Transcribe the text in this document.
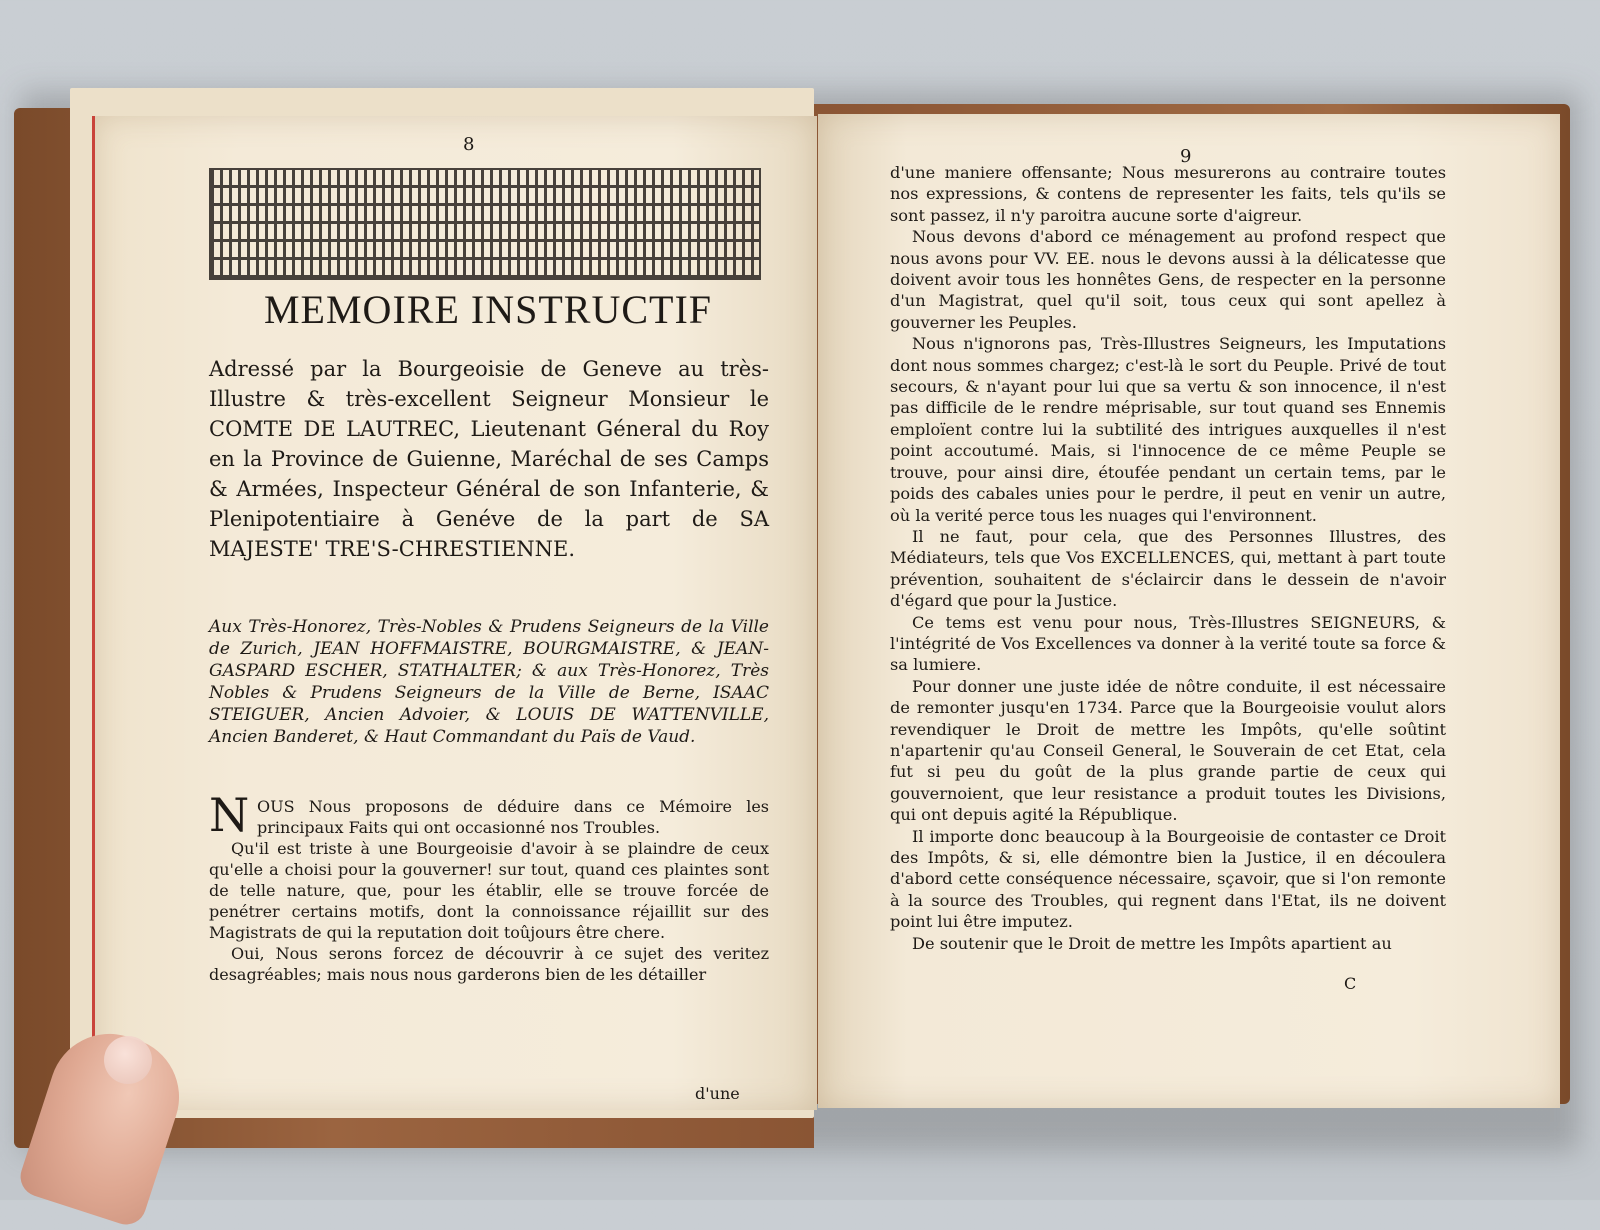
8
MEMOIRE INSTRUCTIF
Adressé par la Bourgeoisie de Geneve au très-Illustre & très-excellent Seigneur Monsieur le COMTE DE LAUTREC, Lieutenant Géneral du Roy en la Province de Guienne, Maréchal de ses Camps & Armées, Inspecteur Général de son Infanterie, & Plenipotentiaire à Genéve de la part de SA MAJESTE' TRE'S-CHRESTIENNE.
Aux Très-Honorez, Très-Nobles & Prudens Seigneurs de la Ville de Zurich, JEAN HOFFMAISTRE, BOURGMAISTRE, & JEAN-GASPARD ESCHER, STATHALTER; & aux Très-Honorez, Très Nobles & Prudens Seigneurs de la Ville de Berne, ISAAC STEIGUER, Ancien Advoier, & LOUIS DE WATTENVILLE, Ancien Banderet, & Haut Commandant du Païs de Vaud.
N OUS Nous proposons de déduire dans ce Mémoire les principaux Faits qui ont occasionné nos Troubles.

Qu'il est triste à une Bourgeoisie d'avoir à se plaindre de ceux qu'elle a choisi pour la gouverner! sur tout, quand ces plaintes sont de telle nature, que, pour les établir, elle se trouve forcée de penétrer certains motifs, dont la connoissance réjaillit sur des Magistrats de qui la reputation doit toûjours être chere.

Oui, Nous serons forcez de découvrir à ce sujet des veritez desagréables; mais nous nous garderons bien de les détailler

d'une
9

d'une maniere offensante; Nous mesurerons au contraire toutes nos expressions, & contens de representer les faits, tels qu'ils se sont passez, il n'y paroitra aucune sorte d'aigreur.

Nous devons d'abord ce ménagement au profond respect que nous avons pour VV. EE. nous le devons aussi à la délicatesse que doivent avoir tous les honnêtes Gens, de respecter en la personne d'un Magistrat, quel qu'il soit, tous ceux qui sont apellez à gouverner les Peuples.

Nous n'ignorons pas, Très-Illustres Seigneurs, les Imputations dont nous sommes chargez; c'est-là le sort du Peuple. Privé de tout secours, & n'ayant pour lui que sa vertu & son innocence, il n'est pas difficile de le rendre méprisable, sur tout quand ses Ennemis emploïent contre lui la subtilité des intrigues auxquelles il n'est point accoutumé. Mais, si l'innocence de ce même Peuple se trouve, pour ainsi dire, étoufée pendant un certain tems, par le poids des cabales unies pour le perdre, il peut en venir un autre, où la verité perce tous les nuages qui l'environnent.

Il ne faut, pour cela, que des Personnes Illustres, des Médiateurs, tels que Vos EXCELLENCES, qui, mettant à part toute prévention, souhaitent de s'éclaircir dans le dessein de n'avoir d'égard que pour la Justice.

Ce tems est venu pour nous, Très-Illustres SEIGNEURS, & l'intégrité de Vos Excellences va donner à la verité toute sa force & sa lumiere.

Pour donner une juste idée de nôtre conduite, il est nécessaire de remonter jusqu'en 1734. Parce que la Bourgeoisie voulut alors revendiquer le Droit de mettre les Impôts, qu'elle soûtint n'apartenir qu'au Conseil General, le Souverain de cet Etat, cela fut si peu du goût de la plus grande partie de ceux qui gouvernoient, que leur resistance a produit toutes les Divisions, qui ont depuis agité la République.

Il importe donc beaucoup à la Bourgeoisie de contaster ce Droit des Impôts, & si, elle démontre bien la Justice, il en découlera d'abord cette conséquence nécessaire, sçavoir, que si l'on remonte à la source des Troubles, qui regnent dans l'Etat, ils ne doivent point lui être imputez.

De soutenir que le Droit de mettre les Impôts apartient au

C
